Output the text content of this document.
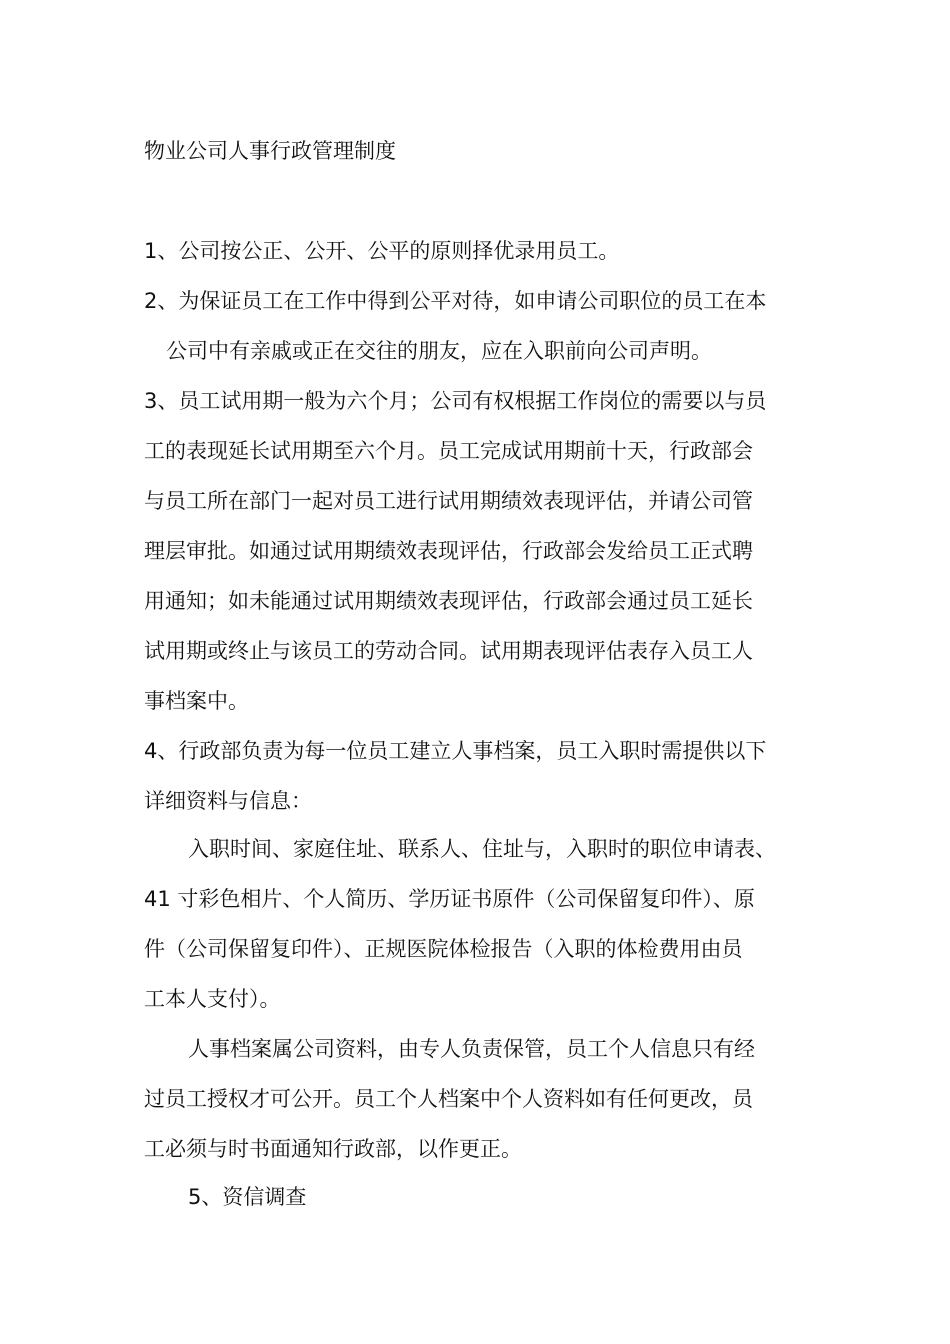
物业公司人事行政管理制度
1、公司按公正、公开、公平的原则择优录用员工。
2、为保证员工在工作中得到公平对待，如申请公司职位的员工在本
公司中有亲戚或正在交往的朋友，应在入职前向公司声明。
3、员工试用期一般为六个月；公司有权根据工作岗位的需要以与员
工的表现延长试用期至六个月。员工完成试用期前十天，行政部会
与员工所在部门一起对员工进行试用期绩效表现评估，并请公司管
理层审批。如通过试用期绩效表现评估，行政部会发给员工正式聘
用通知；如未能通过试用期绩效表现评估，行政部会通过员工延长
试用期或终止与该员工的劳动合同。试用期表现评估表存入员工人
事档案中。
4、行政部负责为每一位员工建立人事档案，员工入职时需提供以下
详细资料与信息：
入职时间、家庭住址、联系人、住址与，入职时的职位申请表、
41 寸彩色相片、个人简历、学历证书原件（公司保留复印件）、原
件（公司保留复印件）、正规医院体检报告（入职的体检费用由员
工本人支付）。
人事档案属公司资料，由专人负责保管，员工个人信息只有经
过员工授权才可公开。员工个人档案中个人资料如有任何更改，员
工必须与时书面通知行政部，以作更正。
5、资信调查
